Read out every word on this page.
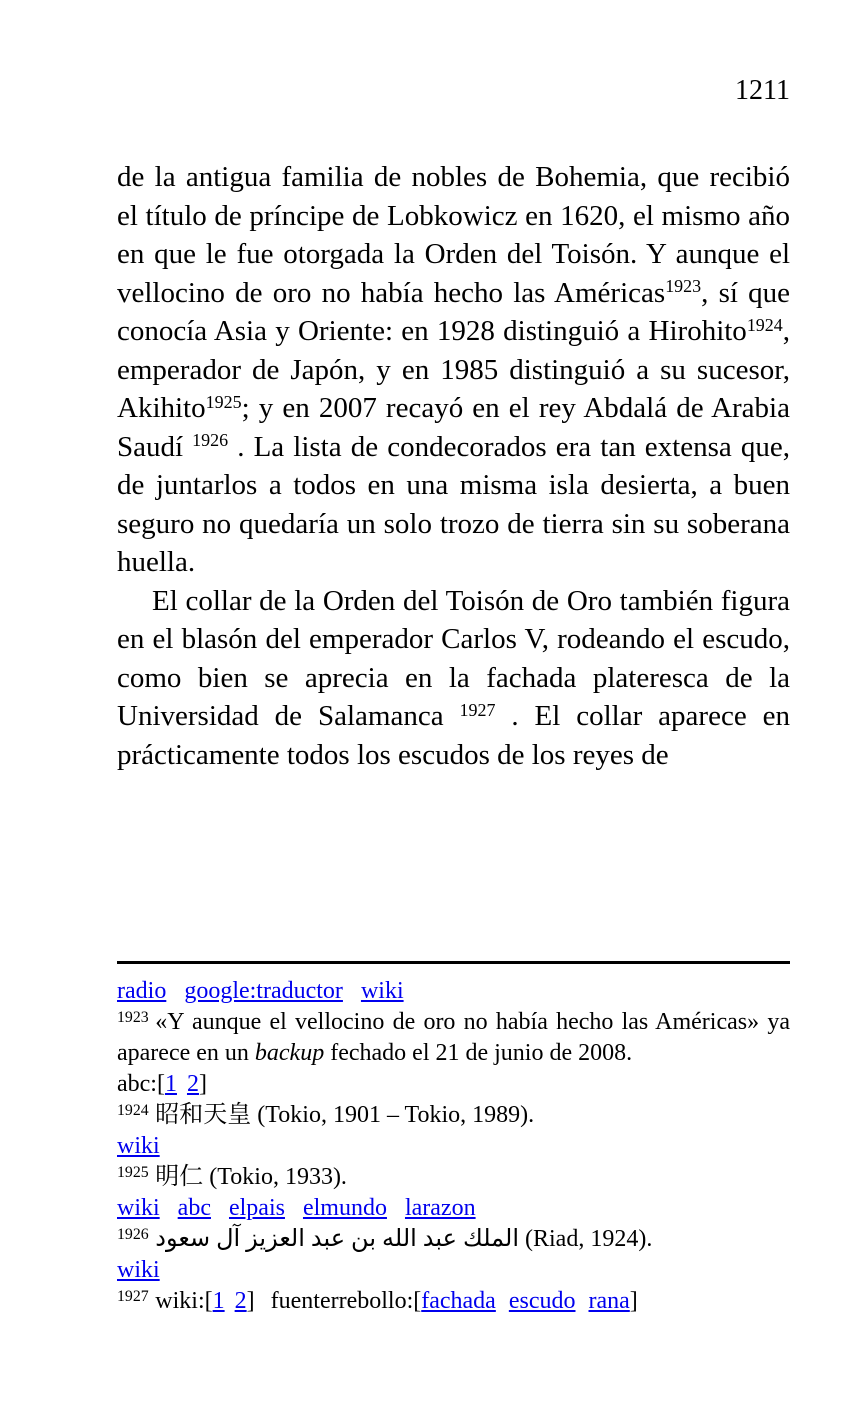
1211

de la antigua familia de nobles de Bohemia, que recibió el título de príncipe de Lobkowicz en 1620, el mismo año en que le fue otorgada la Orden del Toisón. Y aunque el vellocino de oro no había hecho las Américas$^{1923}$, sí que conocía Asia y Oriente: en 1928 distinguió a Hirohito$^{1924}$, emperador de Japón, y en 1985 distinguió a su sucesor, Akihito$^{1925}$; y en 2007 recayó en el rey Abdalá de Arabia Saudí $^{1926}$ . La lista de condecorados era tan extensa que, de juntarlos a todos en una misma isla desierta, a buen seguro no quedaría un solo trozo de tierra sin su soberana huella.

El collar de la Orden del Toisón de Oro también figura en el blasón del emperador Carlos V, rodeando el escudo, como bien se aprecia en la fachada plateresca de la Universidad de Salamanca $^{1927}$ . El collar aparece en prácticamente todos los escudos de los reyes de

radio google:traductor wiki

$^{1923}$ «Y aunque el vellocino de oro no había hecho las Américas» ya aparece en un backup fechado el 21 de junio de 2008.

abc:[1 2]

$^{1924}$ 昭和天皇 (Tokio, 1901 – Tokio, 1989).

wiki

$^{1925}$ 明仁 (Tokio, 1933).

wiki abc elpais elmundo larazon

$^{1926}$ الملك عبد الله بن عبد العزيز آل سعود (Riad, 1924).

wiki

$^{1927}$ wiki:[1 2] fuenterrebollo:[fachada escudo rana]
